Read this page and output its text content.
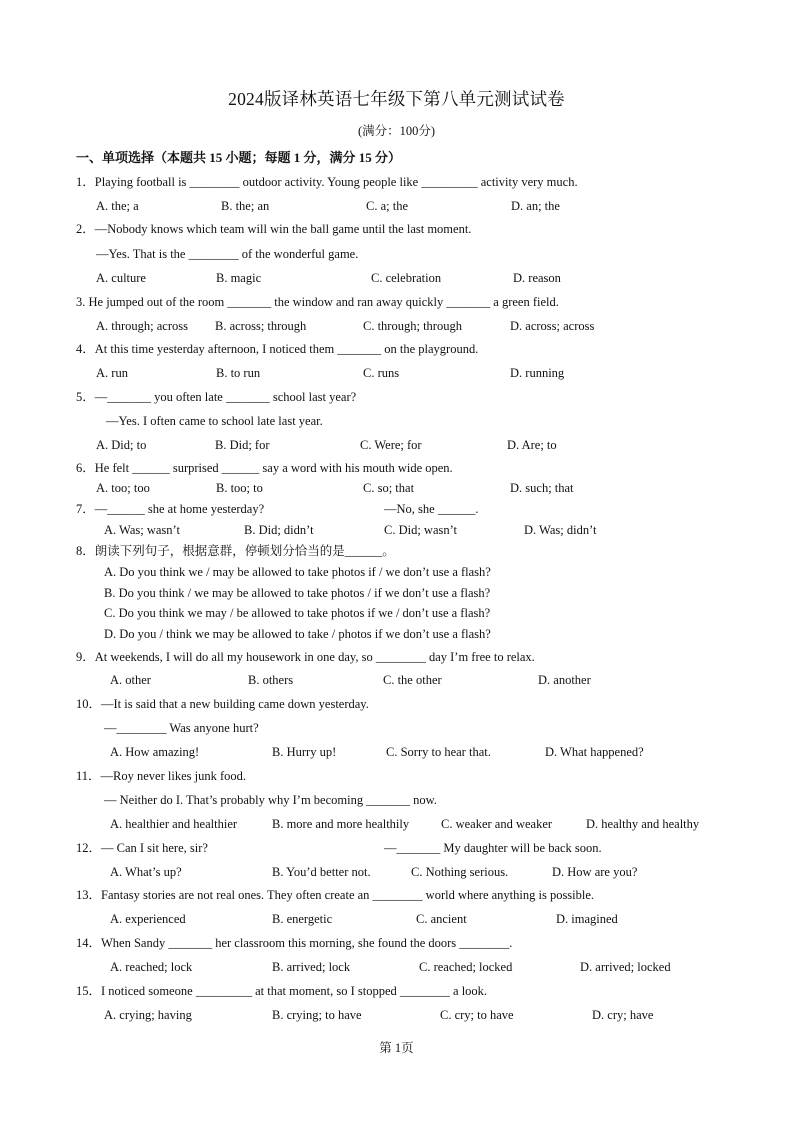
2024版译林英语七年级下第八单元测试试卷
(满分：100分)
一、单项选择（本题共 15 小题；每题 1 分，满分 15 分）
1．Playing football is ________ outdoor activity. Young people like _________ activity very much.
A. the; a	B. the; an	C. a; the	D. an; the
2．—Nobody knows which team will win the ball game until the last moment.
—Yes. That is the ________ of the wonderful game.
A. culture	B. magic	C. celebration	D. reason
3. He jumped out of the room _______ the window and ran away quickly _______ a green field.
A. through; across B. across; through	C. through; through	D. across; across
4．At this time yesterday afternoon, I noticed them _______ on the playground.
A. run	B. to run	C. runs	D. running
5．—_______ you often late _______ school last year?
—Yes. I often came to school late last year.
A. Did; to	B. Did; for	C. Were; for	D. Are; to
6．He felt ______ surprised ______ say a word with his mouth wide open.
A. too; too	B. too; to	C. so; that	D. such; that
7．—______ she at home yesterday?	—No, she ______.
A. Was; wasn’t	B. Did; didn’t	C. Did; wasn’t	D. Was; didn’t
8．朗读下列句子，根据意群，停顿划分恰当的是______。
A. Do you think we / may be allowed to take photos if / we don’t use a flash?
B. Do you think / we may be allowed to take photos / if we don’t use a flash?
C. Do you think we may / be allowed to take photos if we / don’t use a flash?
D. Do you / think we may be allowed to take / photos if we don’t use a flash?
9．At weekends, I will do all my housework in one day, so ________ day I’m free to relax.
A. other	B. others	C. the other	D. another
10．—It is said that a new building came down yesterday.
—________ Was anyone hurt?
A. How amazing!	B. Hurry up!	C. Sorry to hear that.	D. What happened?
11．—Roy never likes junk food.
— Neither do I. That’s probably why I’m becoming _______ now.
A. healthier and healthier	B. more and more healthily	C. weaker and weaker	D. healthy and healthy
12．— Can I sit here, sir?	—_______ My daughter will be back soon.
A. What’s up?	B. You’d better not.	C. Nothing serious.	D. How are you?
13．Fantasy stories are not real ones. They often create an ________ world where anything is possible.
A. experienced	B. energetic	C. ancient	D. imagined
14．When Sandy _______ her classroom this morning, she found the doors ________.
A. reached; lock	B. arrived; lock	C. reached; locked	D. arrived; locked
15．I noticed someone _________ at that moment, so I stopped ________ a look.
A. crying; having	B. crying; to have	C. cry; to have	D. cry; have
第 1页
